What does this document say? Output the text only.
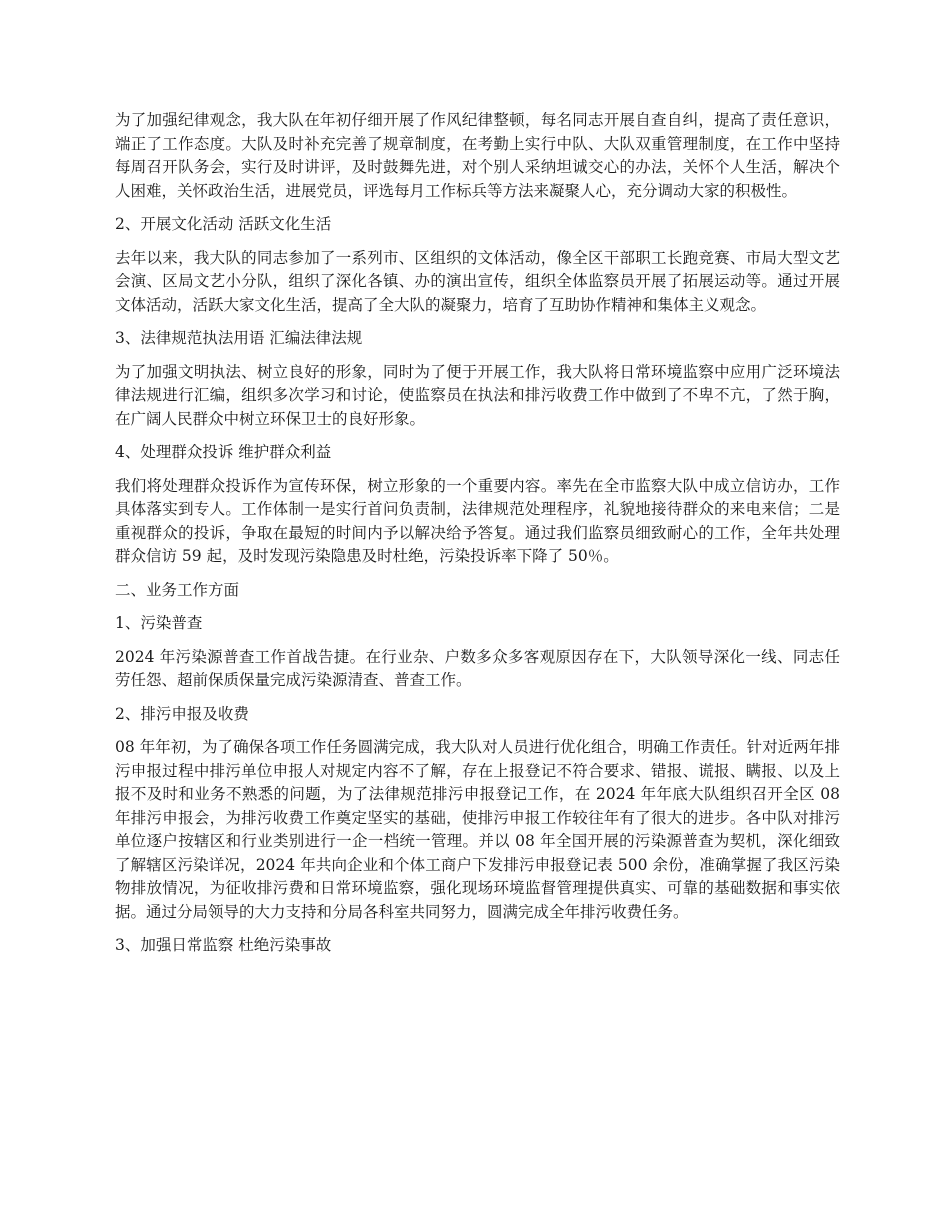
为了加强纪律观念，我大队在年初仔细开展了作风纪律整顿，每名同志开展自查自纠，提高了责任意识，端正了工作态度。大队及时补充完善了规章制度，在考勤上实行中队、大队双重管理制度，在工作中坚持每周召开队务会，实行及时讲评，及时鼓舞先进，对个别人采纳坦诚交心的办法，关怀个人生活，解决个人困难，关怀政治生活，进展党员，评选每月工作标兵等方法来凝聚人心，充分调动大家的积极性。

2、开展文化活动 活跃文化生活

去年以来，我大队的同志参加了一系列市、区组织的文体活动，像全区干部职工长跑竞赛、市局大型文艺会演、区局文艺小分队，组织了深化各镇、办的演出宣传，组织全体监察员开展了拓展运动等。通过开展文体活动，活跃大家文化生活，提高了全大队的凝聚力，培育了互助协作精神和集体主义观念。

3、法律规范执法用语 汇编法律法规

为了加强文明执法、树立良好的形象，同时为了便于开展工作，我大队将日常环境监察中应用广泛环境法律法规进行汇编，组织多次学习和讨论，使监察员在执法和排污收费工作中做到了不卑不亢，了然于胸，在广阔人民群众中树立环保卫士的良好形象。

4、处理群众投诉 维护群众利益

我们将处理群众投诉作为宣传环保，树立形象的一个重要内容。率先在全市监察大队中成立信访办，工作具体落实到专人。工作体制一是实行首问负责制，法律规范处理程序，礼貌地接待群众的来电来信；二是重视群众的投诉，争取在最短的时间内予以解决给予答复。通过我们监察员细致耐心的工作，全年共处理群众信访 59 起，及时发现污染隐患及时杜绝，污染投诉率下降了 50％。

二、业务工作方面

1、污染普查

2024 年污染源普查工作首战告捷。在行业杂、户数多众多客观原因存在下，大队领导深化一线、同志任劳任怨、超前保质保量完成污染源清查、普查工作。

2、排污申报及收费

08 年年初，为了确保各项工作任务圆满完成，我大队对人员进行优化组合，明确工作责任。针对近两年排污申报过程中排污单位申报人对规定内容不了解，存在上报登记不符合要求、错报、谎报、瞒报、以及上报不及时和业务不熟悉的问题，为了法律规范排污申报登记工作，在 2024 年年底大队组织召开全区 08 年排污申报会，为排污收费工作奠定坚实的基础，使排污申报工作较往年有了很大的进步。各中队对排污单位逐户按辖区和行业类别进行一企一档统一管理。并以 08 年全国开展的污染源普查为契机，深化细致了解辖区污染详况，2024 年共向企业和个体工商户下发排污申报登记表 500 余份，准确掌握了我区污染物排放情况，为征收排污费和日常环境监察，强化现场环境监督管理提供真实、可靠的基础数据和事实依据。通过分局领导的大力支持和分局各科室共同努力，圆满完成全年排污收费任务。

3、加强日常监察 杜绝污染事故
